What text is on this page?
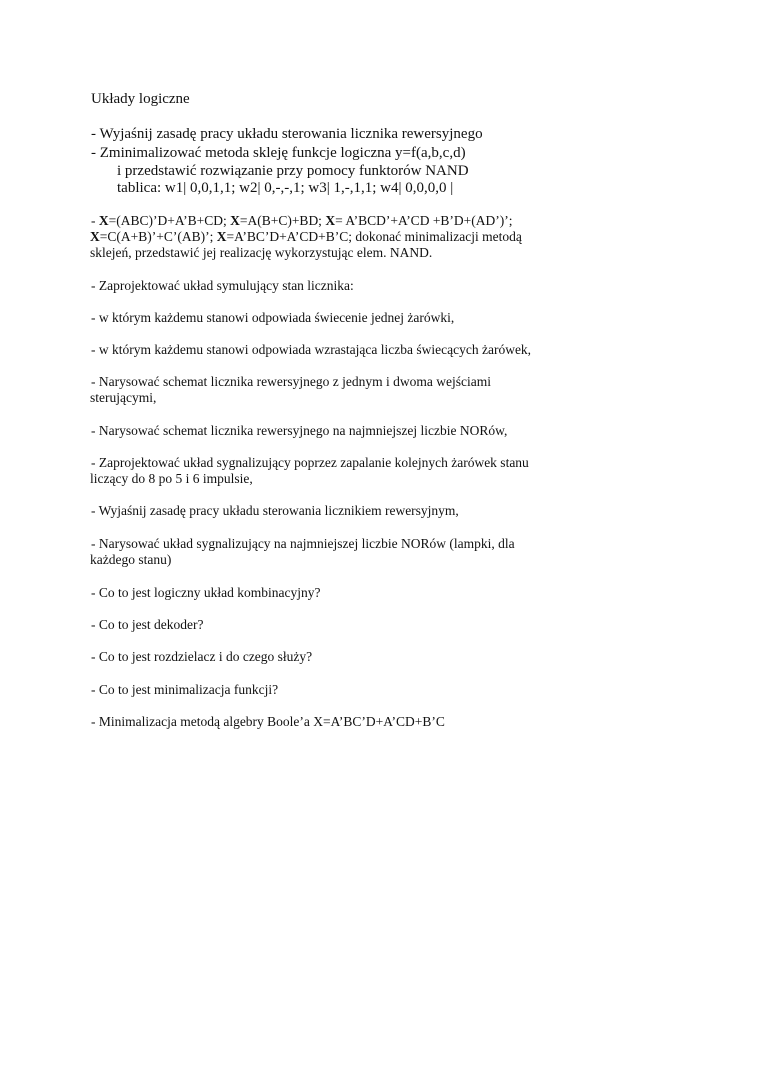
Układy logiczne
- Wyjaśnij zasadę pracy układu sterowania licznika rewersyjnego
- Zminimalizować metoda skleję funkcje logiczna y=f(a,b,c,d)
i przedstawić rozwiązanie przy pomocy funktorów NAND
tablica: w1| 0,0,1,1; w2| 0,-,-,1; w3| 1,-,1,1; w4| 0,0,0,0 |
- X=(ABC)’D+A’B+CD; X=A(B+C)+BD; X= A’BCD’+A’CD +B’D+(AD’)’;
X=C(A+B)’+C’(AB)’; X=A’BC’D+A’CD+B’C; dokonać minimalizacji metodą
sklejeń, przedstawić jej realizację wykorzystując elem. NAND.
- Zaprojektować układ symulujący stan licznika:
- w którym każdemu stanowi odpowiada świecenie jednej żarówki,
- w którym każdemu stanowi odpowiada wzrastająca liczba świecących żarówek,
- Narysować schemat licznika rewersyjnego z jednym i dwoma wejściami
sterującymi,
- Narysować schemat licznika rewersyjnego na najmniejszej liczbie NORów,
- Zaprojektować układ sygnalizujący poprzez zapalanie kolejnych żarówek stanu
liczący do 8 po 5 i 6 impulsie,
- Wyjaśnij zasadę pracy układu sterowania licznikiem rewersyjnym,
- Narysować układ sygnalizujący na najmniejszej liczbie NORów (lampki, dla
każdego stanu)
- Co to jest logiczny układ kombinacyjny?
- Co to jest dekoder?
- Co to jest rozdzielacz i do czego służy?
- Co to jest minimalizacja funkcji?
- Minimalizacja metodą algebry Boole’a X=A’BC’D+A’CD+B’C
